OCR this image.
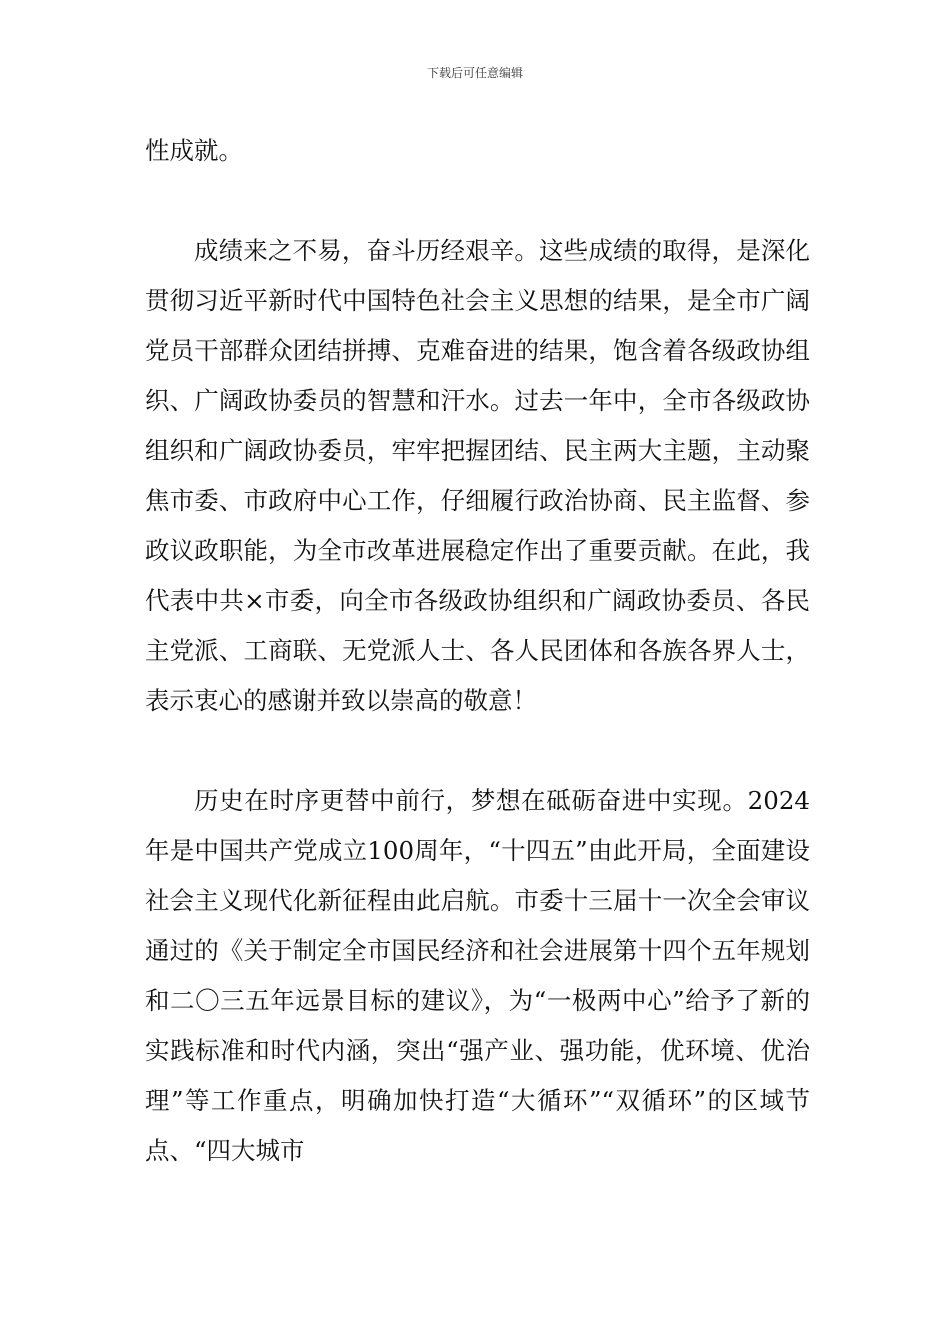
下载后可任意编辑

性成就。

成绩来之不易，奋斗历经艰辛。这些成绩的取得，是深化贯彻习近平新时代中国特色社会主义思想的结果，是全市广阔党员干部群众团结拼搏、克难奋进的结果，饱含着各级政协组织、广阔政协委员的智慧和汗水。过去一年中，全市各级政协组织和广阔政协委员，牢牢把握团结、民主两大主题，主动聚焦市委、市政府中心工作，仔细履行政治协商、民主监督、参政议政职能，为全市改革进展稳定作出了重要贡献。在此，我代表中共×市委，向全市各级政协组织和广阔政协委员、各民主党派、工商联、无党派人士、各人民团体和各族各界人士，表示衷心的感谢并致以崇高的敬意！

历史在时序更替中前行，梦想在砥砺奋进中实现。2024年是中国共产党成立100周年，“十四五”由此开局，全面建设社会主义现代化新征程由此启航。市委十三届十一次全会审议通过的《关于制定全市国民经济和社会进展第十四个五年规划和二〇三五年远景目标的建议》，为“一极两中心”给予了新的实践标准和时代内涵，突出“强产业、强功能，优环境、优治理”等工作重点，明确加快打造“大循环”“双循环”的区域节点、“四大城市
